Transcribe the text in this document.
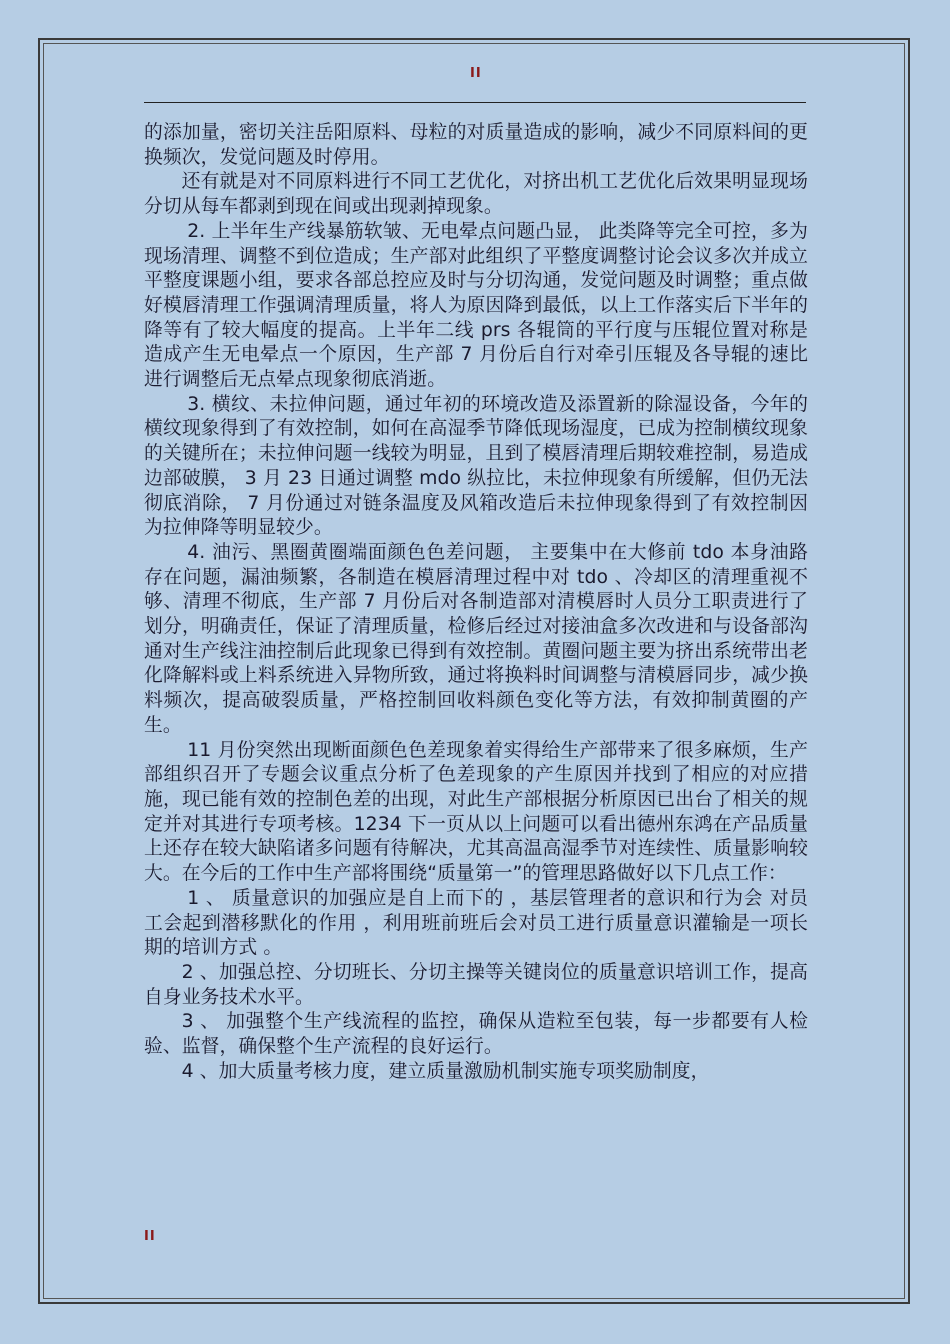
II

的添加量，密切关注岳阳原料、母粒的对质量造成的影响，减少不同原料间的更换频次，发觉问题及时停用。

还有就是对不同原料进行不同工艺优化，对挤出机工艺优化后效果明显现场分切从每车都剥到现在间或出现剥掉现象。

2. 上半年生产线暴筋软皱、无电晕点问题凸显， 此类降等完全可控，多为现场清理、调整不到位造成；生产部对此组织了平整度调整讨论会议多次并成立平整度课题小组，要求各部总控应及时与分切沟通，发觉问题及时调整；重点做好模唇清理工作强调清理质量，将人为原因降到最低，以上工作落实后下半年的降等有了较大幅度的提高。上半年二线 prs 各辊筒的平行度与压辊位置对称是造成产生无电晕点一个原因，生产部 7 月份后自行对牵引压辊及各导辊的速比进行调整后无点晕点现象彻底消逝。

3. 横纹、未拉伸问题，通过年初的环境改造及添置新的除湿设备，今年的横纹现象得到了有效控制，如何在高湿季节降低现场湿度，已成为控制横纹现象的关键所在；未拉伸问题一线较为明显，且到了模唇清理后期较难控制，易造成边部破膜， 3 月 23 日通过调整 mdo 纵拉比，未拉伸现象有所缓解，但仍无法彻底消除， 7 月份通过对链条温度及风箱改造后未拉伸现象得到了有效控制因为拉伸降等明显较少。

4. 油污、黑圈黄圈端面颜色色差问题， 主要集中在大修前 tdo 本身油路存在问题，漏油频繁，各制造在模唇清理过程中对 tdo 、冷却区的清理重视不够、清理不彻底，生产部 7 月份后对各制造部对清模唇时人员分工职责进行了划分，明确责任，保证了清理质量，检修后经过对接油盒多次改进和与设备部沟通对生产线注油控制后此现象已得到有效控制。黄圈问题主要为挤出系统带出老化降解料或上料系统进入异物所致，通过将换料时间调整与清模唇同步，减少换料频次，提高破裂质量，严格控制回收料颜色变化等方法，有效抑制黄圈的产生。

11 月份突然出现断面颜色色差现象着实得给生产部带来了很多麻烦，生产部组织召开了专题会议重点分析了色差现象的产生原因并找到了相应的对应措施，现已能有效的控制色差的出现，对此生产部根据分析原因已出台了相关的规定并对其进行专项考核。1234 下一页从以上问题可以看出德州东鸿在产品质量上还存在较大缺陷诸多问题有待解决，尤其高温高湿季节对连续性、质量影响较大。在今后的工作中生产部将围绕“质量第一”的管理思路做好以下几点工作：

1 、 质量意识的加强应是自上而下的 ，基层管理者的意识和行为会 对员工会起到潜移默化的作用 ，利用班前班后会对员工进行质量意识灌输是一项长期的培训方式 。

2 、加强总控、分切班长、分切主操等关键岗位的质量意识培训工作，提高自身业务技术水平。

3 、 加强整个生产线流程的监控，确保从造粒至包装，每一步都要有人检验、监督，确保整个生产流程的良好运行。

4 、加大质量考核力度，建立质量激励机制实施专项奖励制度，

II
